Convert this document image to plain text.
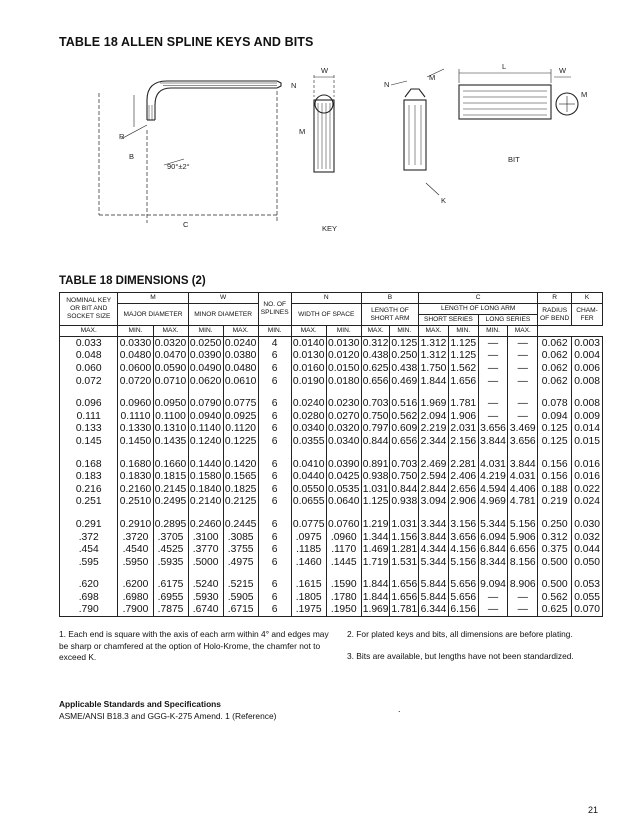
TABLE 18 ALLEN SPLINE KEYS AND BITS
R
B
90°±2°
C	KEY
BIT
W
N
M
N
M
K
L	W
M
TABLE 18 DIMENSIONS (2)
NOMINAL KEY OR BIT AND SOCKET SIZE	M		W		NO. OF SPLINES	N		B		C				R	K
	MAJOR DIAMETER		MINOR DIAMETER			WIDTH OF SPACE		LENGTH OF SHORT ARM		LENGTH OF LONG ARM				RADIUS OF BEND	CHAM- FER
										SHORT SERIES		LONG SERIES			
MAX.	MIN.	MAX.	MIN.	MAX.	MIN.	MAX.	MIN.	MAX.	MIN.	MAX.	MIN.	MIN.	MAX.		
0.033	0.0330	0.0320	0.0250	0.0240	4	0.0140	0.0130	0.312	0.125	1.312	1.125	—	—	0.062	0.003
0.048	0.0480	0.0470	0.0390	0.0380	6	0.0130	0.0120	0.438	0.250	1.312	1.125	—	—	0.062	0.004
0.060	0.0600	0.0590	0.0490	0.0480	6	0.0160	0.0150	0.625	0.438	1.750	1.562	—	—	0.062	0.006
0.072	0.0720	0.0710	0.0620	0.0610	6	0.0190	0.0180	0.656	0.469	1.844	1.656	—	—	0.062	0.008

0.096	0.0960	0.0950	0.0790	0.0775	6	0.0240	0.0230	0.703	0.516	1.969	1.781	—	—	0.078	0.008
0.111	0.1110	0.1100	0.0940	0.0925	6	0.0280	0.0270	0.750	0.562	2.094	1.906	—	—	0.094	0.009
0.133	0.1330	0.1310	0.1140	0.1120	6	0.0340	0.0320	0.797	0.609	2.219	2.031	3.656	3.469	0.125	0.014
0.145	0.1450	0.1435	0.1240	0.1225	6	0.0355	0.0340	0.844	0.656	2.344	2.156	3.844	3.656	0.125	0.015

0.168	0.1680	0.1660	0.1440	0.1420	6	0.0410	0.0390	0.891	0.703	2.469	2.281	4.031	3.844	0.156	0.016
0.183	0.1830	0.1815	0.1580	0.1565	6	0.0440	0.0425	0.938	0.750	2.594	2.406	4.219	4.031	0.156	0.016
0.216	0.2160	0.2145	0.1840	0.1825	6	0.0550	0.0535	1.031	0.844	2.844	2.656	4.594	4.406	0.188	0.022
0.251	0.2510	0.2495	0.2140	0.2125	6	0.0655	0.0640	1.125	0.938	3.094	2.906	4.969	4.781	0.219	0.024

0.291	0.2910	0.2895	0.2460	0.2445	6	0.0775	0.0760	1.219	1.031	3.344	3.156	5.344	5.156	0.250	0.030
.372	.3720	.3705	.3100	.3085	6	.0975	.0960	1.344	1.156	3.844	3.656	6.094	5.906	0.312	0.032
.454	.4540	.4525	.3770	.3755	6	.1185	.1170	1.469	1.281	4.344	4.156	6.844	6.656	0.375	0.044
.595	.5950	.5935	.5000	.4975	6	.1460	.1445	1.719	1.531	5.344	5.156	8.344	8.156	0.500	0.050

.620	.6200	.6175	.5240	.5215	6	.1615	.1590	1.844	1.656	5.844	5.656	9.094	8.906	0.500	0.053
.698	.6980	.6955	.5930	.5905	6	.1805	.1780	1.844	1.656	5.844	5.656	—	—	0.562	0.055
.790	.7900	.7875	.6740	.6715	6	.1975	.1950	1.969	1.781	6.344	6.156	—	—	0.625	0.070
1. Each end is square with the axis of each arm within 4° and edges may be sharp or chamfered at the option of Holo-Krome, the chamfer not to exceed K.
2. For plated keys and bits, all dimensions are before plating.
3. Bits are available, but lengths have not been standardized.
Applicable Standards and Specifications
ASME/ANSI B18.3 and GGG-K-275 Amend. 1 (Reference)
.
21
